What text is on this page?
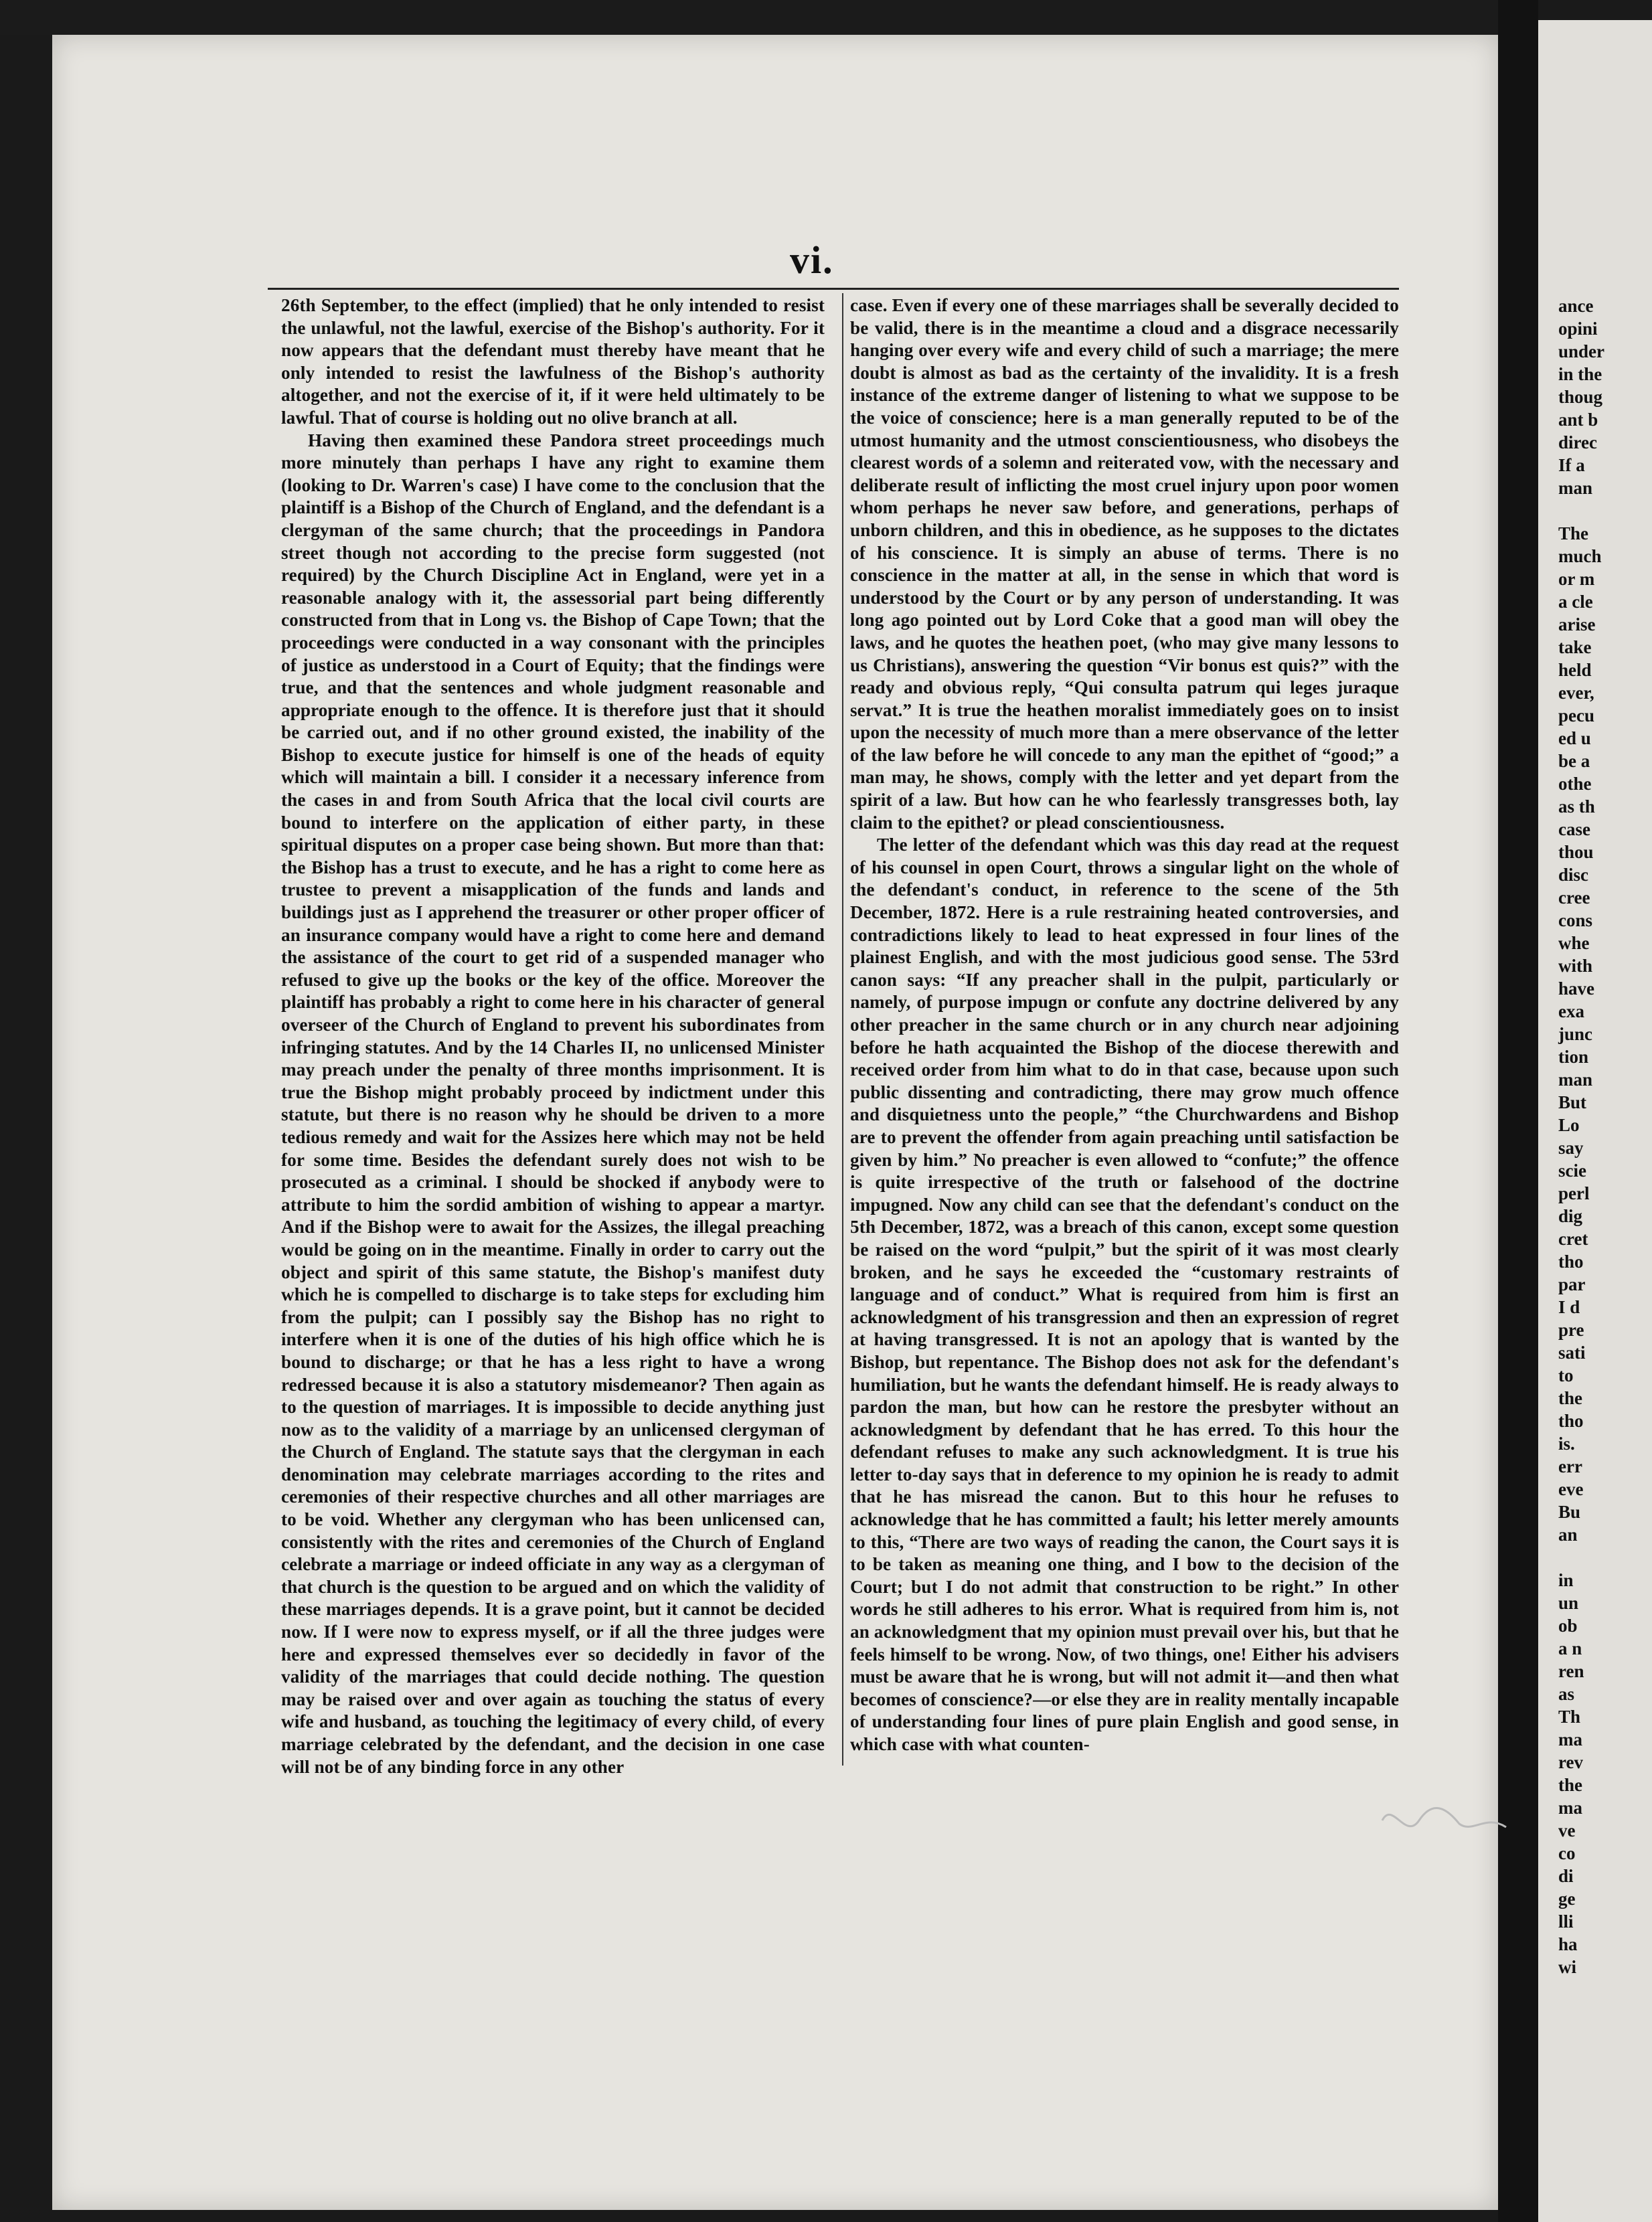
vi.

26th September, to the effect (implied) that he only intended to resist the unlawful, not the lawful, exercise of the Bishop's authority. For it now appears that the defendant must thereby have meant that he only intended to resist the lawfulness of the Bishop's authority altogether, and not the exercise of it, if it were held ultimately to be lawful. That of course is holding out no olive branch at all.

Having then examined these Pandora street proceedings much more minutely than perhaps I have any right to examine them (looking to Dr. Warren's case) I have come to the conclusion that the plaintiff is a Bishop of the Church of England, and the defendant is a clergyman of the same church; that the proceedings in Pandora street though not according to the precise form suggested (not required) by the Church Discipline Act in England, were yet in a reasonable analogy with it, the assessorial part being differently constructed from that in Long vs. the Bishop of Cape Town; that the proceedings were conducted in a way consonant with the principles of justice as understood in a Court of Equity; that the findings were true, and that the sentences and whole judgment reasonable and appropriate enough to the offence. It is therefore just that it should be carried out, and if no other ground existed, the inability of the Bishop to execute justice for himself is one of the heads of equity which will maintain a bill. I consider it a necessary inference from the cases in and from South Africa that the local civil courts are bound to interfere on the application of either party, in these spiritual disputes on a proper case being shown. But more than that: the Bishop has a trust to execute, and he has a right to come here as trustee to prevent a misapplication of the funds and lands and buildings just as I apprehend the treasurer or other proper officer of an insurance company would have a right to come here and demand the assistance of the court to get rid of a suspended manager who refused to give up the books or the key of the office. Moreover the plaintiff has probably a right to come here in his character of general overseer of the Church of England to prevent his subordinates from infringing statutes. And by the 14 Charles II, no unlicensed Minister may preach under the penalty of three months imprisonment. It is true the Bishop might probably proceed by indictment under this statute, but there is no reason why he should be driven to a more tedious remedy and wait for the Assizes here which may not be held for some time. Besides the defendant surely does not wish to be prosecuted as a criminal. I should be shocked if anybody were to attribute to him the sordid ambition of wishing to appear a martyr. And if the Bishop were to await for the Assizes, the illegal preaching would be going on in the meantime. Finally in order to carry out the object and spirit of this same statute, the Bishop's manifest duty which he is compelled to discharge is to take steps for excluding him from the pulpit; can I possibly say the Bishop has no right to interfere when it is one of the duties of his high office which he is bound to discharge; or that he has a less right to have a wrong redressed because it is also a statutory misdemeanor? Then again as to the question of marriages. It is impossible to decide anything just now as to the validity of a marriage by an unlicensed clergyman of the Church of England. The statute says that the clergyman in each denomination may celebrate marriages according to the rites and ceremonies of their respective churches and all other marriages are to be void. Whether any clergyman who has been unlicensed can, consistently with the rites and ceremonies of the Church of England celebrate a marriage or indeed officiate in any way as a clergyman of that church is the question to be argued and on which the validity of these marriages depends. It is a grave point, but it cannot be decided now. If I were now to express myself, or if all the three judges were here and expressed themselves ever so decidedly in favor of the validity of the marriages that could decide nothing. The question may be raised over and over again as touching the status of every wife and husband, as touching the legitimacy of every child, of every marriage celebrated by the defendant, and the decision in one case will not be of any binding force in any other

case. Even if every one of these marriages shall be severally decided to be valid, there is in the meantime a cloud and a disgrace necessarily hanging over every wife and every child of such a marriage; the mere doubt is almost as bad as the certainty of the invalidity. It is a fresh instance of the extreme danger of listening to what we suppose to be the voice of conscience; here is a man generally reputed to be of the utmost humanity and the utmost conscientiousness, who disobeys the clearest words of a solemn and reiterated vow, with the necessary and deliberate result of inflicting the most cruel injury upon poor women whom perhaps he never saw before, and generations, perhaps of unborn children, and this in obedience, as he supposes to the dictates of his conscience. It is simply an abuse of terms. There is no conscience in the matter at all, in the sense in which that word is understood by the Court or by any person of understanding. It was long ago pointed out by Lord Coke that a good man will obey the laws, and he quotes the heathen poet, (who may give many lessons to us Christians), answering the question “Vir bonus est quis?” with the ready and obvious reply, “Qui consulta patrum qui leges juraque servat.” It is true the heathen moralist immediately goes on to insist upon the necessity of much more than a mere observance of the letter of the law before he will concede to any man the epithet of “good;” a man may, he shows, comply with the letter and yet depart from the spirit of a law. But how can he who fearlessly transgresses both, lay claim to the epithet? or plead conscientiousness.

The letter of the defendant which was this day read at the request of his counsel in open Court, throws a singular light on the whole of the defendant's conduct, in reference to the scene of the 5th December, 1872. Here is a rule restraining heated controversies, and contradictions likely to lead to heat expressed in four lines of the plainest English, and with the most judicious good sense. The 53rd canon says: “If any preacher shall in the pulpit, particularly or namely, of purpose impugn or confute any doctrine delivered by any other preacher in the same church or in any church near adjoining before he hath acquainted the Bishop of the diocese therewith and received order from him what to do in that case, because upon such public dissenting and contradicting, there may grow much offence and disquietness unto the people,” “the Churchwardens and Bishop are to prevent the offender from again preaching until satisfaction be given by him.” No preacher is even allowed to “confute;” the offence is quite irrespective of the truth or falsehood of the doctrine impugned. Now any child can see that the defendant's conduct on the 5th December, 1872, was a breach of this canon, except some question be raised on the word “pulpit,” but the spirit of it was most clearly broken, and he says he exceeded the “customary restraints of language and of conduct.” What is required from him is first an acknowledgment of his transgression and then an expression of regret at having transgressed. It is not an apology that is wanted by the Bishop, but repentance. The Bishop does not ask for the defendant's humiliation, but he wants the defendant himself. He is ready always to pardon the man, but how can he restore the presbyter without an acknowledgment by defendant that he has erred. To this hour the defendant refuses to make any such acknowledgment. It is true his letter to-day says that in deference to my opinion he is ready to admit that he has misread the canon. But to this hour he refuses to acknowledge that he has committed a fault; his letter merely amounts to this, “There are two ways of reading the canon, the Court says it is to be taken as meaning one thing, and I bow to the decision of the Court; but I do not admit that construction to be right.” In other words he still adheres to his error. What is required from him is, not an acknowledgment that my opinion must prevail over his, but that he feels himself to be wrong. Now, of two things, one! Either his advisers must be aware that he is wrong, but will not admit it—and then what becomes of conscience?—or else they are in reality mentally incapable of understanding four lines of pure plain English and good sense, in which case with what counten-

ance
opini
under
in the
thoug
ant b
direc
If a
man

The
much
or m
a cle
arise
take
held
ever,
pecu
ed u
be a
othe
as th
case
thou
disc
cree
cons
whe
with
have
exa
junc
tion
man
But
Lo
say
scie
perl
dig
cret
tho
par
I d
pre
sati
to
the
tho
is.
err
eve
Bu
an

in
un
ob
a n
ren
as
Th
ma
rev
the
ma
ve
co
di
ge
lli
ha
wi
